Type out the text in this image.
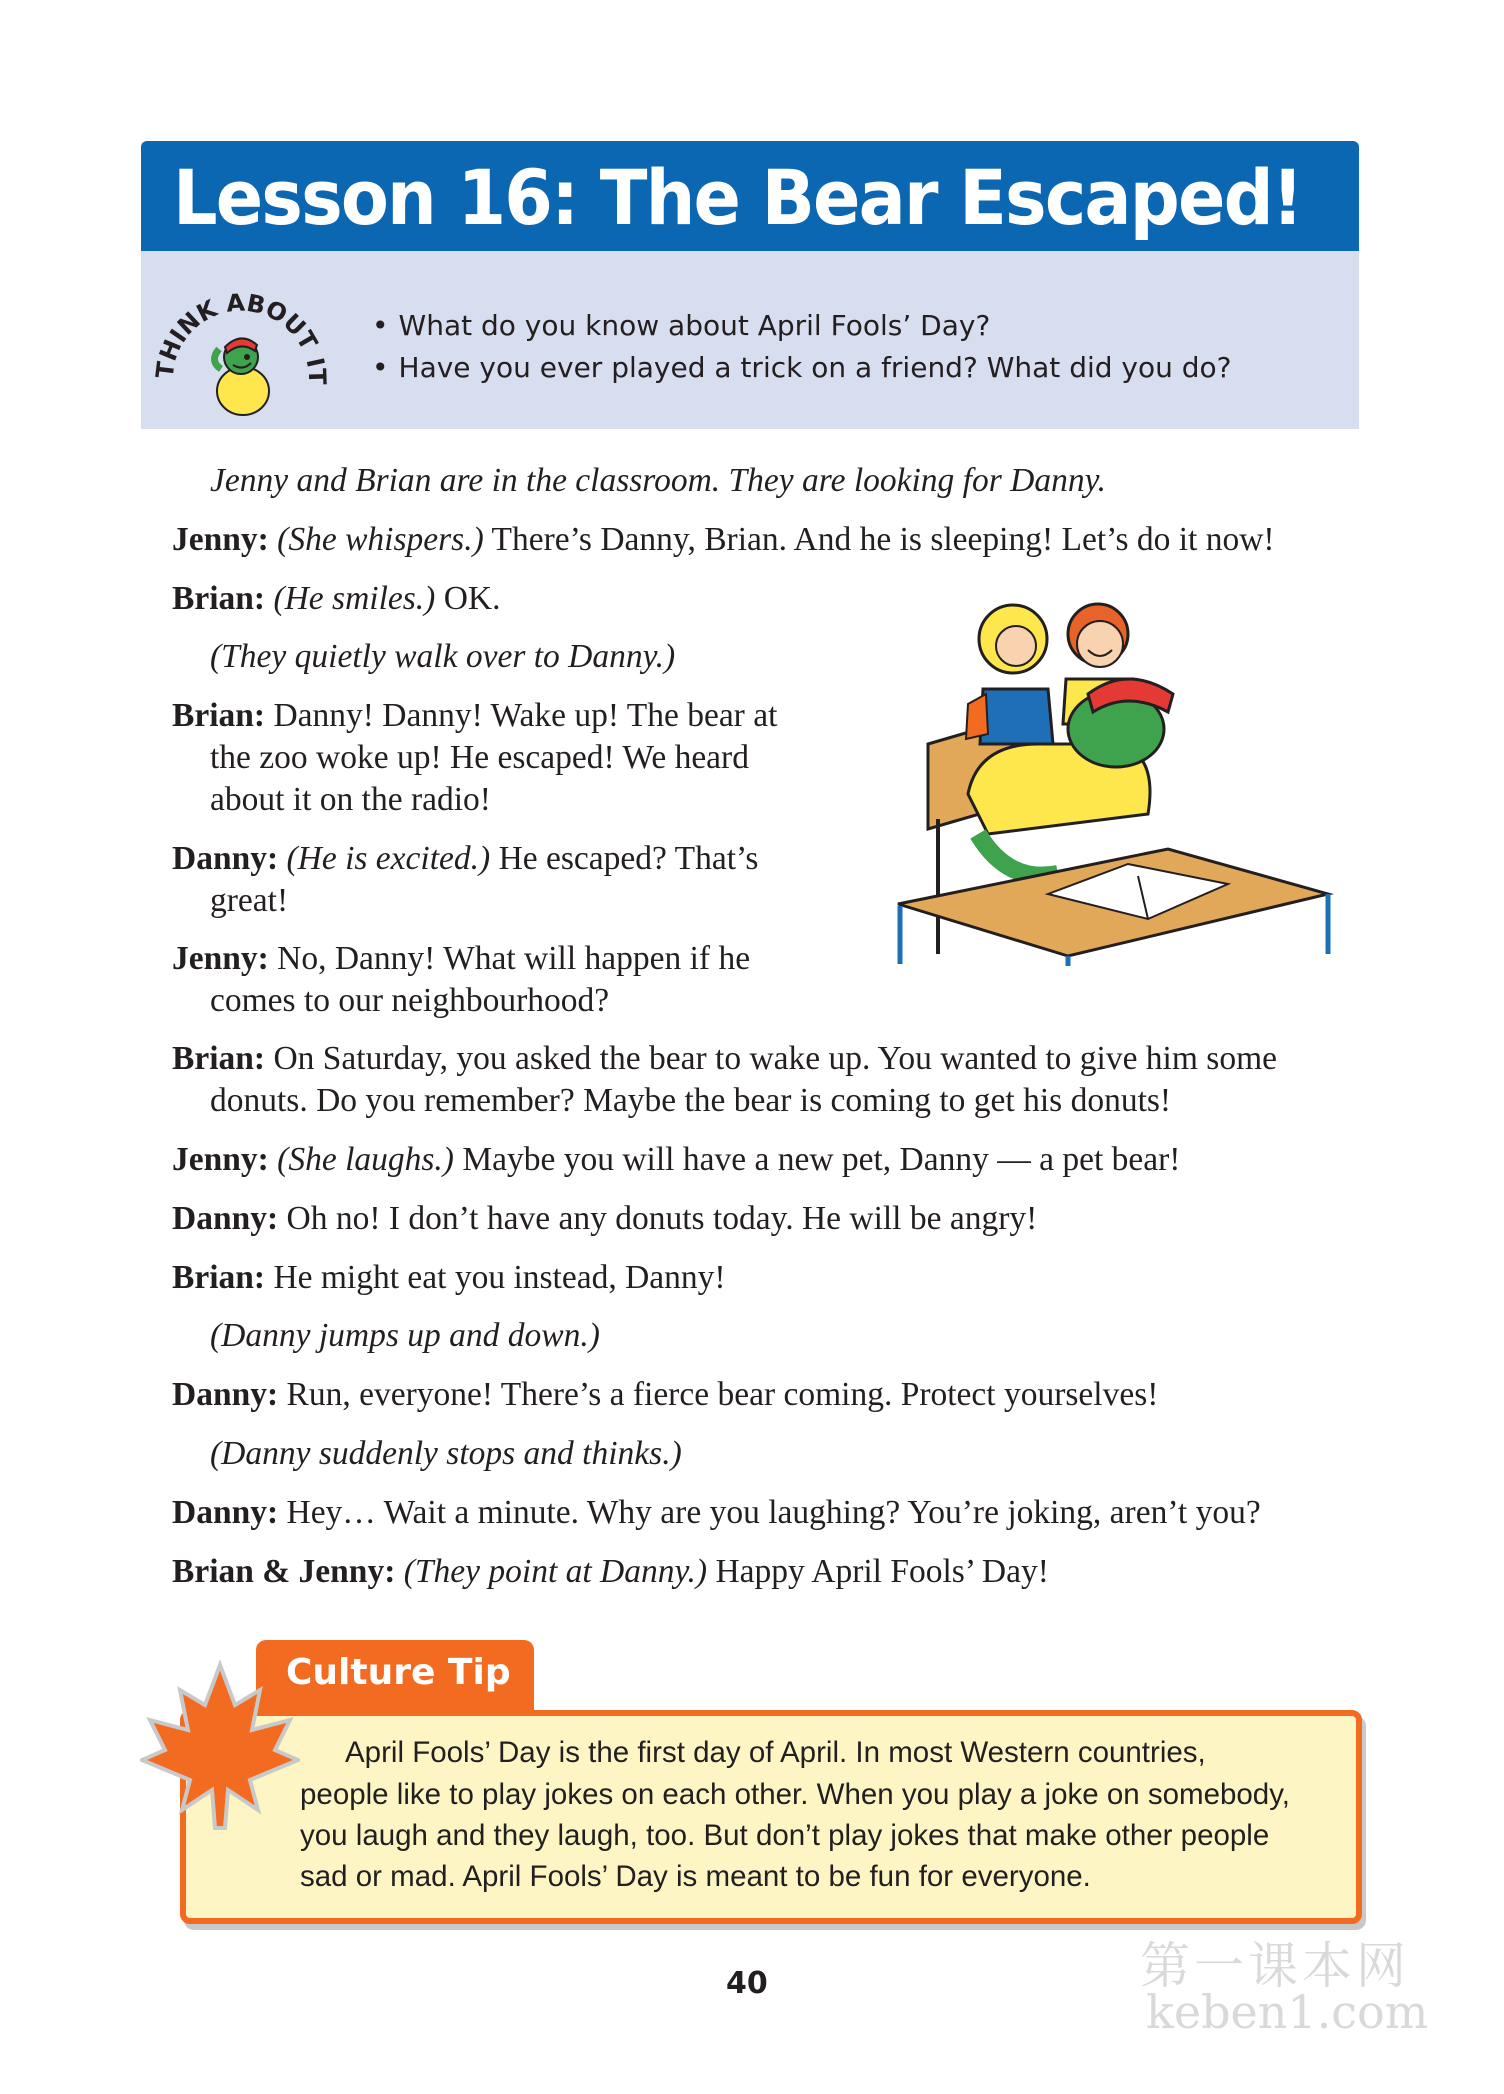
Lesson 16: The Bear Escaped!
THINK ABOUT IT
• What do you know about April Fools’ Day?
• Have you ever played a trick on a friend? What did you do?
Jenny and Brian are in the classroom. They are looking for Danny.
Jenny: (She whispers.) There’s Danny, Brian. And he is sleeping! Let’s do it now!
Brian: (He smiles.) OK.
(They quietly walk over to Danny.)
Brian: Danny! Danny! Wake up! The bear at
the zoo woke up! He escaped! We heard
about it on the radio!
Danny: (He is excited.) He escaped? That’s
great!
Jenny: No, Danny! What will happen if he
comes to our neighbourhood?
Brian: On Saturday, you asked the bear to wake up. You wanted to give him some
donuts. Do you remember? Maybe the bear is coming to get his donuts!
Jenny: (She laughs.) Maybe you will have a new pet, Danny — a pet bear!
Danny: Oh no! I don’t have any donuts today. He will be angry!
Brian: He might eat you instead, Danny!
(Danny jumps up and down.)
Danny: Run, everyone! There’s a fierce bear coming. Protect yourselves!
(Danny suddenly stops and thinks.)
Danny: Hey… Wait a minute. Why are you laughing? You’re joking, aren’t you?
Brian & Jenny: (They point at Danny.) Happy April Fools’ Day!
Culture Tip
April Fools’ Day is the first day of April. In most Western countries,
people like to play jokes on each other. When you play a joke on somebody,
you laugh and they laugh, too. But don’t play jokes that make other people
sad or mad. April Fools’ Day is meant to be fun for everyone.
40	第一课本网
keben1.com
